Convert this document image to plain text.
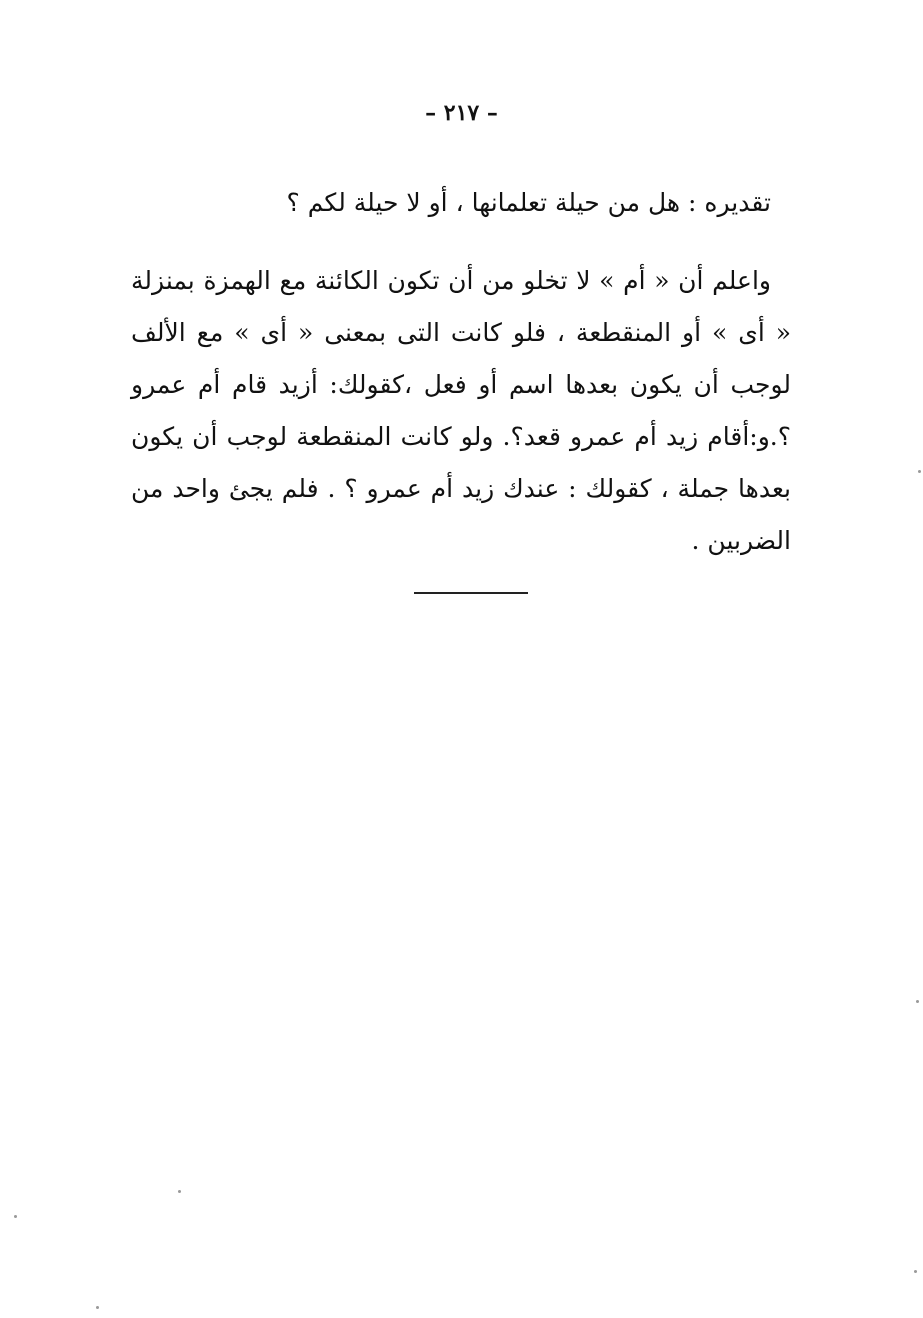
– ٢١٧ –

تقديره : هل من حيلة تعلمانها ، أو لا حيلة لكم ؟

واعلم أن « أم » لا تخلو من أن تكون الكائنة مع الهمزة بمنزلة « أى » أو المنقطعة ، فلو كانت التى بمعنى « أى » مع الألف لوجب أن يكون بعدها اسم أو فعل ،كقولك: أزيد قام أم عمرو ؟.و:أقام زيد أم عمرو قعد؟. ولو كانت المنقطعة لوجب أن يكون بعدها جملة ، كقولك : عندك زيد أم عمرو ؟ . فلم يجئ واحد من الضربين .
